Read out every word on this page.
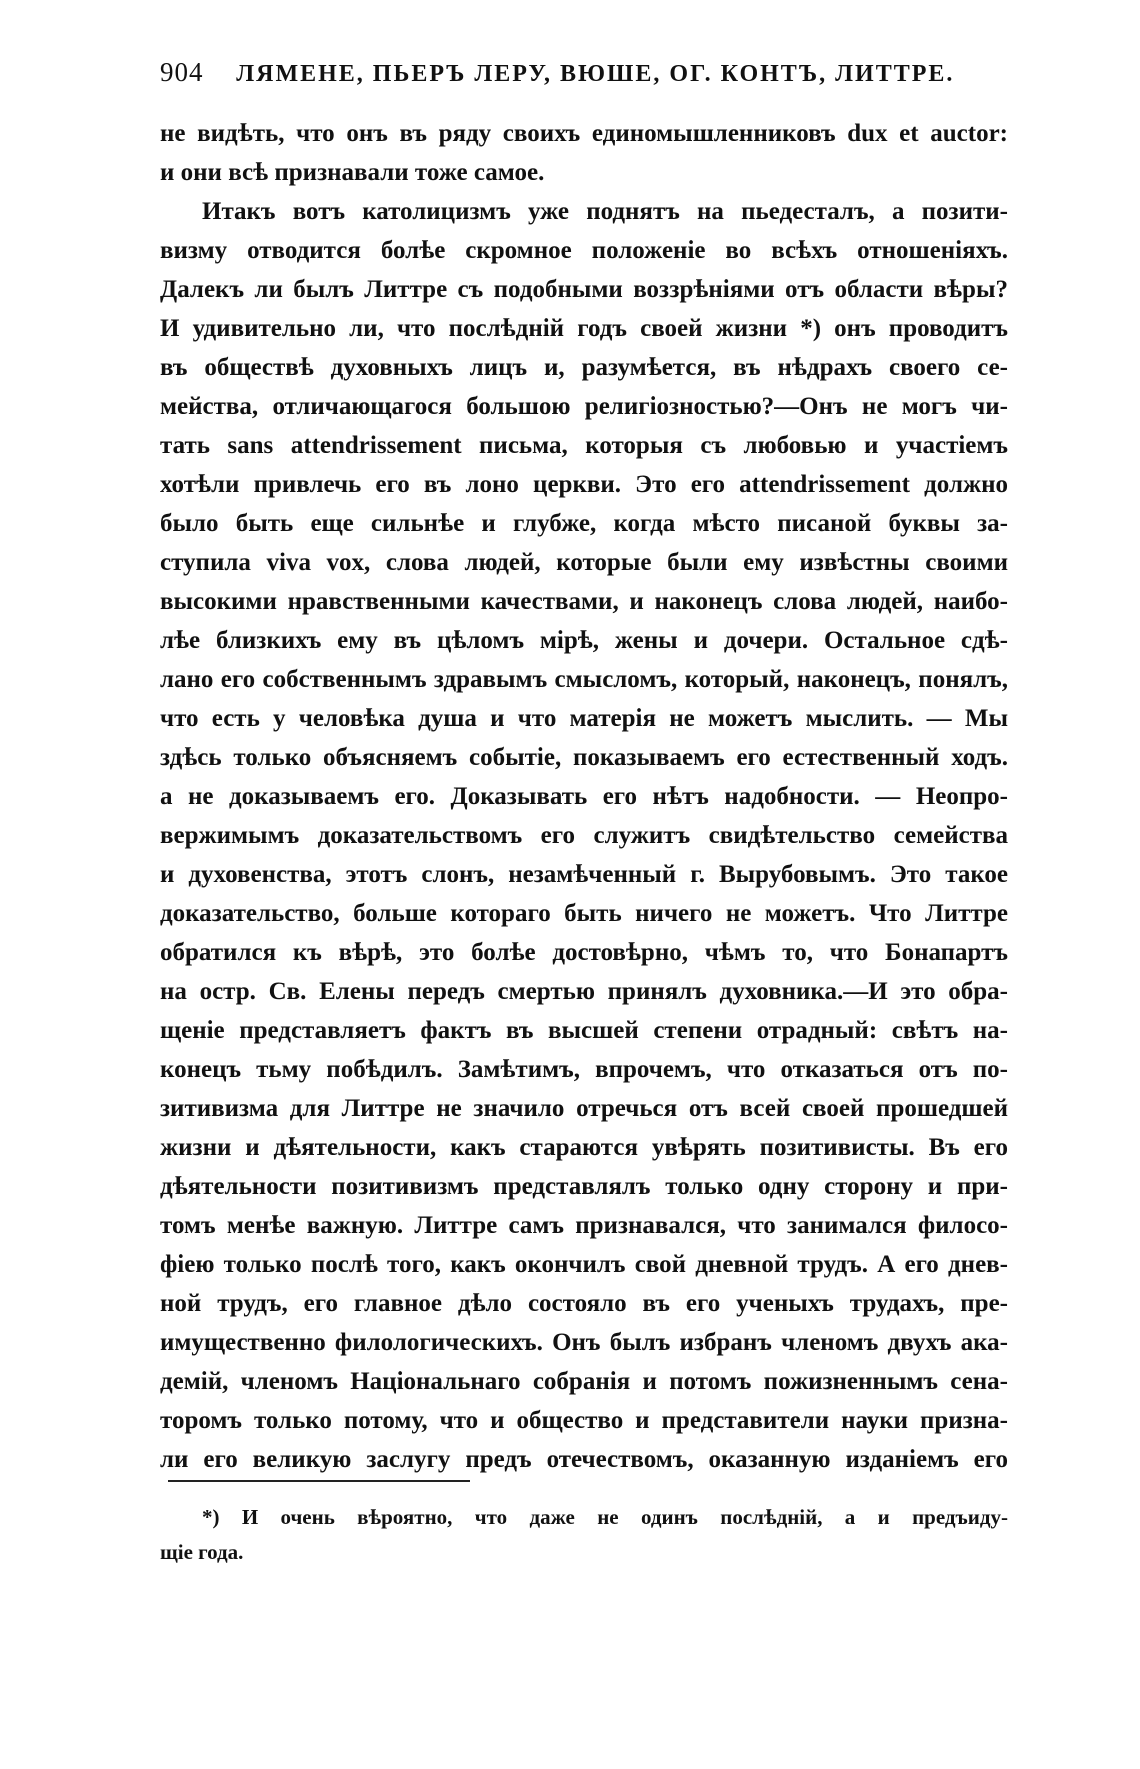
904 ЛЯМЕНЕ, ПЬЕРЪ ЛЕРУ, ВЮШЕ, ОГ. КОНТЪ, ЛИТТРЕ.
не видѣть, что онъ въ ряду своихъ единомышленниковъ dux et auctor:
и они всѣ признавали тоже самое.
Итакъ вотъ католицизмъ уже поднятъ на пьедесталъ, а позити-
визму отводится болѣе скромное положеніе во всѣхъ отношеніяхъ.
Далекъ ли былъ Литтре съ подобными воззрѣніями отъ области вѣры?
И удивительно ли, что послѣдній годъ своей жизни *) онъ проводитъ
въ обществѣ духовныхъ лицъ и, разумѣется, въ нѣдрахъ своего се-
мейства, отличающагося большою религіозностью?—Онъ не могъ чи-
тать sans attendrissement письма, которыя съ любовью и участіемъ
хотѣли привлечь его въ лоно церкви. Это его attendrissement должно
было быть еще сильнѣе и глубже, когда мѣсто писаной буквы за-
ступила viva vox, слова людей, которые были ему извѣстны своими
высокими нравственными качествами, и наконецъ слова людей, наибо-
лѣе близкихъ ему въ цѣломъ мірѣ, жены и дочери. Остальное сдѣ-
лано его собственнымъ здравымъ смысломъ, который, наконецъ, понялъ,
что есть у человѣка душа и что матерія не можетъ мыслить. — Мы
здѣсь только объясняемъ событіе, показываемъ его естественный ходъ.
а не доказываемъ его. Доказывать его нѣтъ надобности. — Неопро-
вержимымъ доказательствомъ его служитъ свидѣтельство семейства
и духовенства, этотъ слонъ, незамѣченный г. Вырубовымъ. Это такое
доказательство, больше котораго быть ничего не можетъ. Что Литтре
обратился къ вѣрѣ, это болѣе достовѣрно, чѣмъ то, что Бонапартъ
на остр. Св. Елены передъ смертью принялъ духовника.—И это обра-
щеніе представляетъ фактъ въ высшей степени отрадный: свѣтъ на-
конецъ тьму побѣдилъ. Замѣтимъ, впрочемъ, что отказаться отъ по-
зитивизма для Литтре не значило отречься отъ всей своей прошедшей
жизни и дѣятельности, какъ стараются увѣрять позитивисты. Въ его
дѣятельности позитивизмъ представлялъ только одну сторону и при-
томъ менѣе важную. Литтре самъ признавался, что занимался филосо-
фіею только послѣ того, какъ окончилъ свой дневной трудъ. А его днев-
ной трудъ, его главное дѣло состояло въ его ученыхъ трудахъ, пре-
имущественно филологическихъ. Онъ былъ избранъ членомъ двухъ ака-
демій, членомъ Національнаго собранія и потомъ пожизненнымъ сена-
торомъ только потому, что и общество и представители науки призна-
ли его великую заслугу предъ отечествомъ, оказанную изданіемъ его
*) И очень вѣроятно, что даже не одинъ послѣдній, а и предъиду-
щіе года.
